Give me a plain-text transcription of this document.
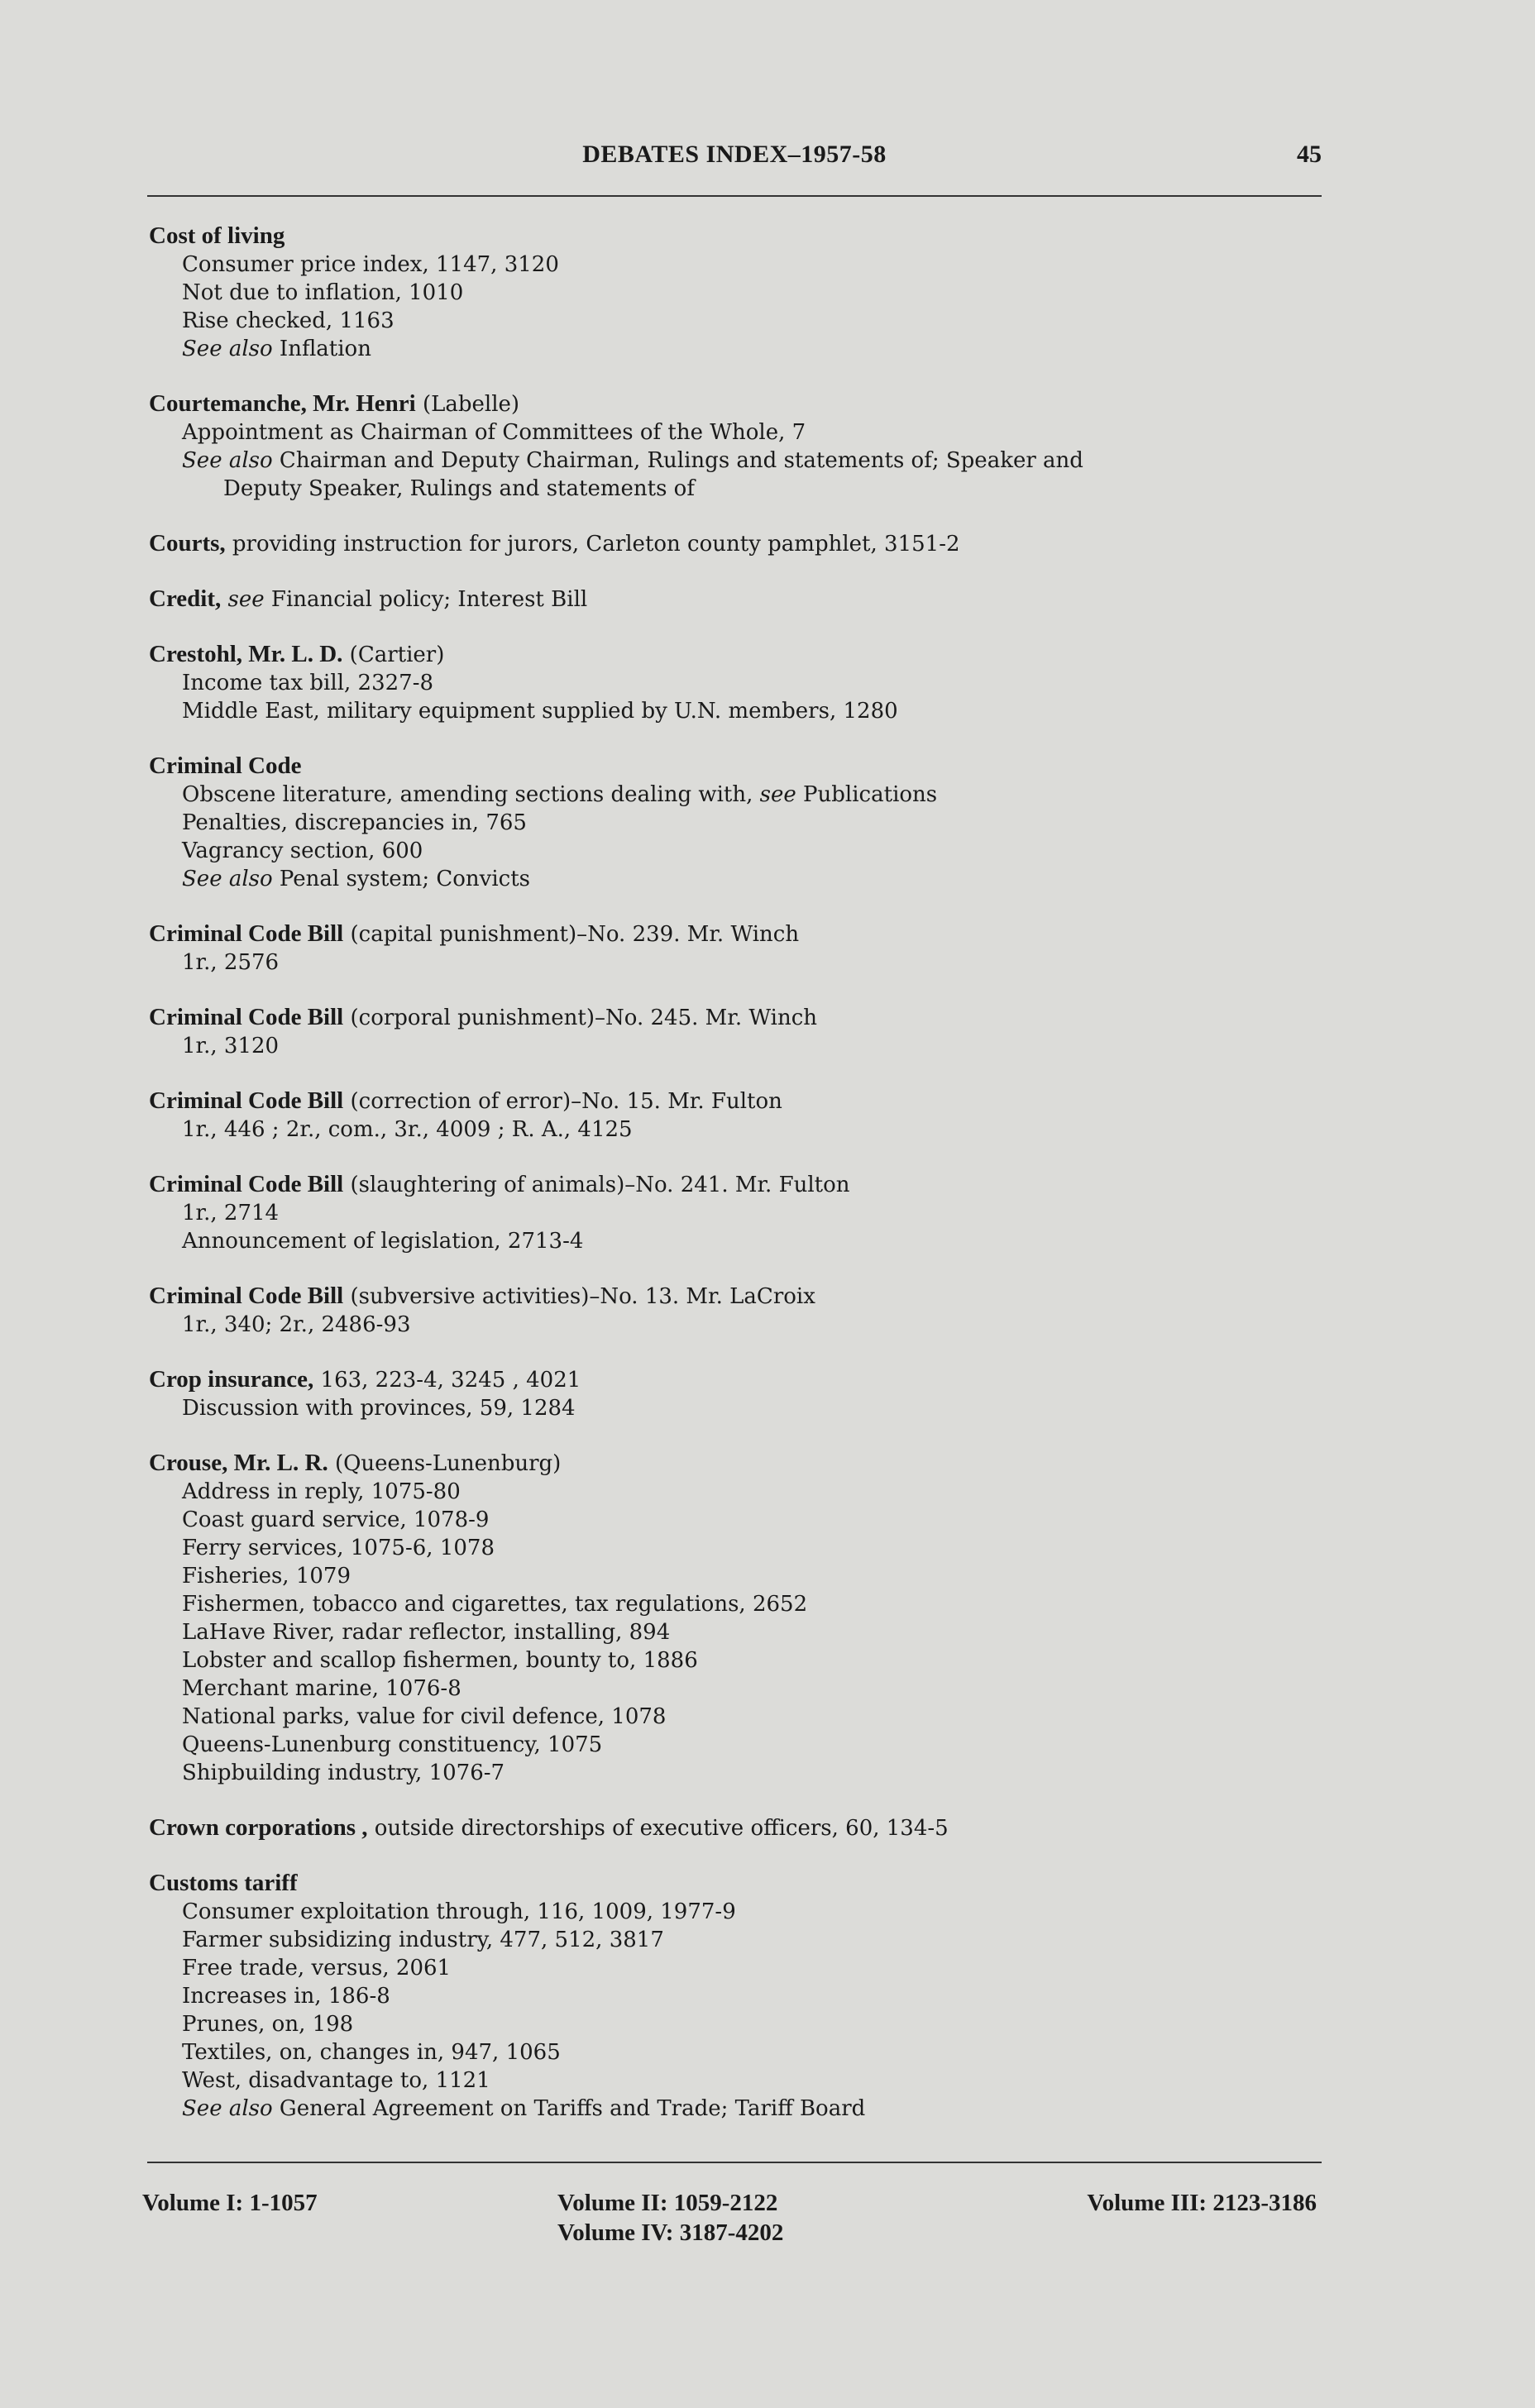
DEBATES INDEX–1957-58	45
Cost of living
Consumer price index, 1147, 3120
Not due to inflation, 1010
Rise checked, 1163
See also Inflation
Courtemanche, Mr. Henri (Labelle)
Appointment as Chairman of Committees of the Whole, 7
See also Chairman and Deputy Chairman, Rulings and statements of; Speaker and
Deputy Speaker, Rulings and statements of
Courts, providing instruction for jurors, Carleton county pamphlet, 3151-2
Credit, see Financial policy; Interest Bill
Crestohl, Mr. L. D. (Cartier)
Income tax bill, 2327-8
Middle East, military equipment supplied by U.N. members, 1280
Criminal Code
Obscene literature, amending sections dealing with, see Publications
Penalties, discrepancies in, 765
Vagrancy section, 600
See also Penal system; Convicts
Criminal Code Bill (capital punishment)–No. 239. Mr. Winch
1r., 2576
Criminal Code Bill (corporal punishment)–No. 245. Mr. Winch
1r., 3120
Criminal Code Bill (correction of error)–No. 15. Mr. Fulton
1r., 446 ; 2r., com., 3r., 4009 ; R. A., 4125
Criminal Code Bill (slaughtering of animals)–No. 241. Mr. Fulton
1r., 2714
Announcement of legislation, 2713-4
Criminal Code Bill (subversive activities)–No. 13. Mr. LaCroix
1r., 340; 2r., 2486-93
Crop insurance, 163, 223-4, 3245 , 4021
Discussion with provinces, 59, 1284
Crouse, Mr. L. R. (Queens-Lunenburg)
Address in reply, 1075-80
Coast guard service, 1078-9
Ferry services, 1075-6, 1078
Fisheries, 1079
Fishermen, tobacco and cigarettes, tax regulations, 2652
LaHave River, radar reflector, installing, 894
Lobster and scallop fishermen, bounty to, 1886
Merchant marine, 1076-8
National parks, value for civil defence, 1078
Queens-Lunenburg constituency, 1075
Shipbuilding industry, 1076-7
Crown corporations , outside directorships of executive officers, 60, 134-5
Customs tariff
Consumer exploitation through, 116, 1009, 1977-9
Farmer subsidizing industry, 477, 512, 3817
Free trade, versus, 2061
Increases in, 186-8
Prunes, on, 198
Textiles, on, changes in, 947, 1065
West, disadvantage to, 1121
See also General Agreement on Tariffs and Trade; Tariff Board
Volume I: 1-1057	Volume II: 1059-2122
Volume IV: 3187-4202
Volume III: 2123-3186
